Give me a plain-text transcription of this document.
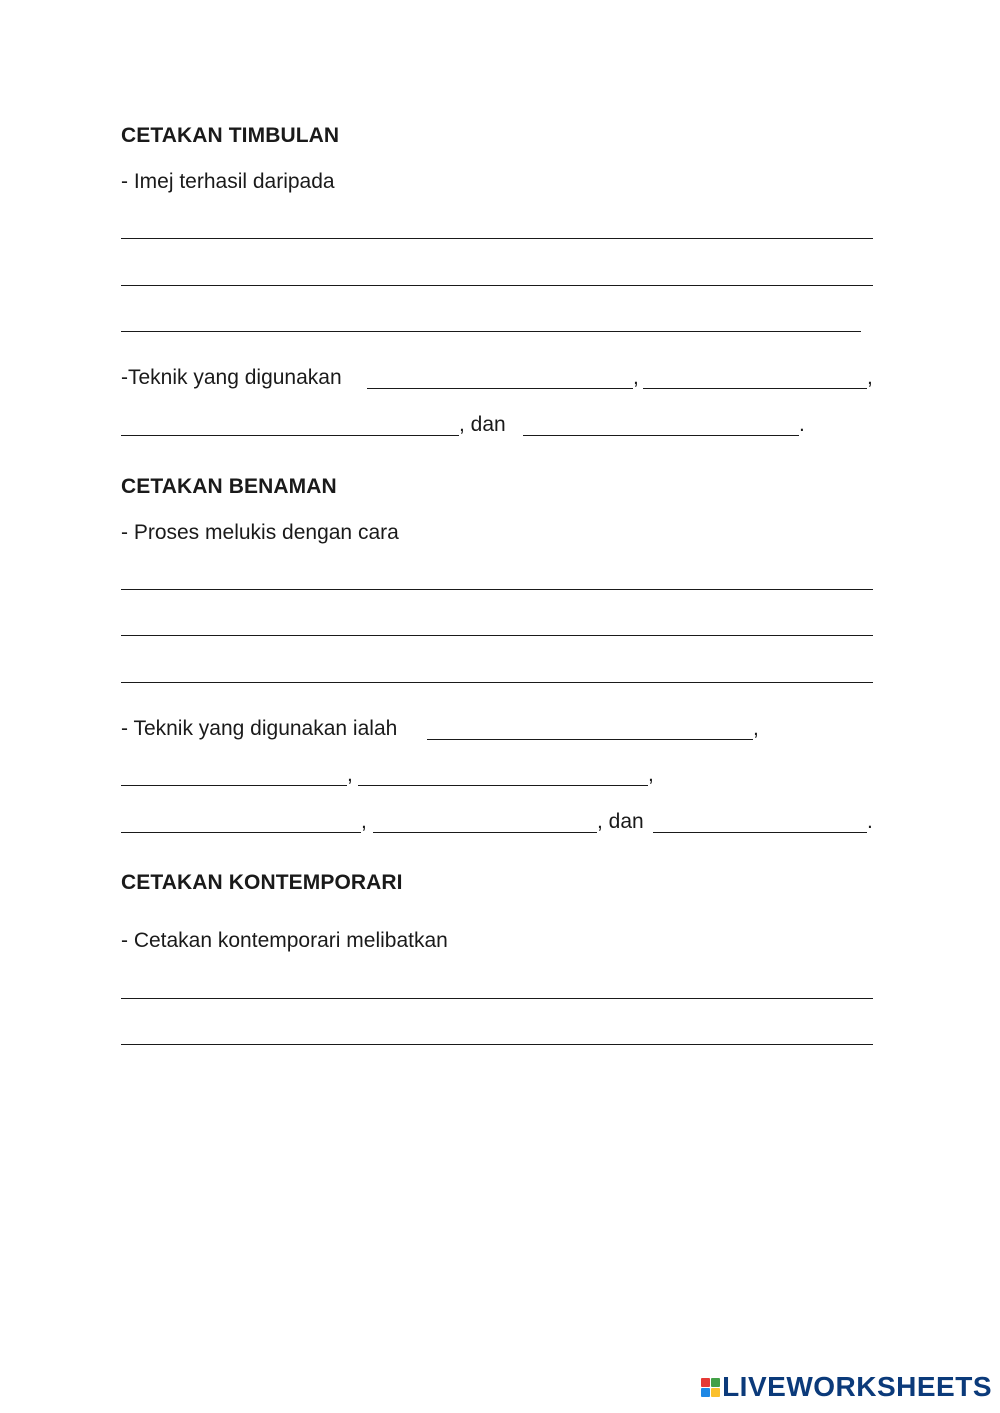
CETAKAN TIMBULAN
- Imej terhasil daripada
-Teknik yang digunakan	,	,
, dan	.
CETAKAN BENAMAN
- Proses melukis dengan cara
- Teknik yang digunakan ialah	,
,	,
,	, dan	.
CETAKAN KONTEMPORARI
- Cetakan kontemporari melibatkan
LIVEWORKSHEETS
